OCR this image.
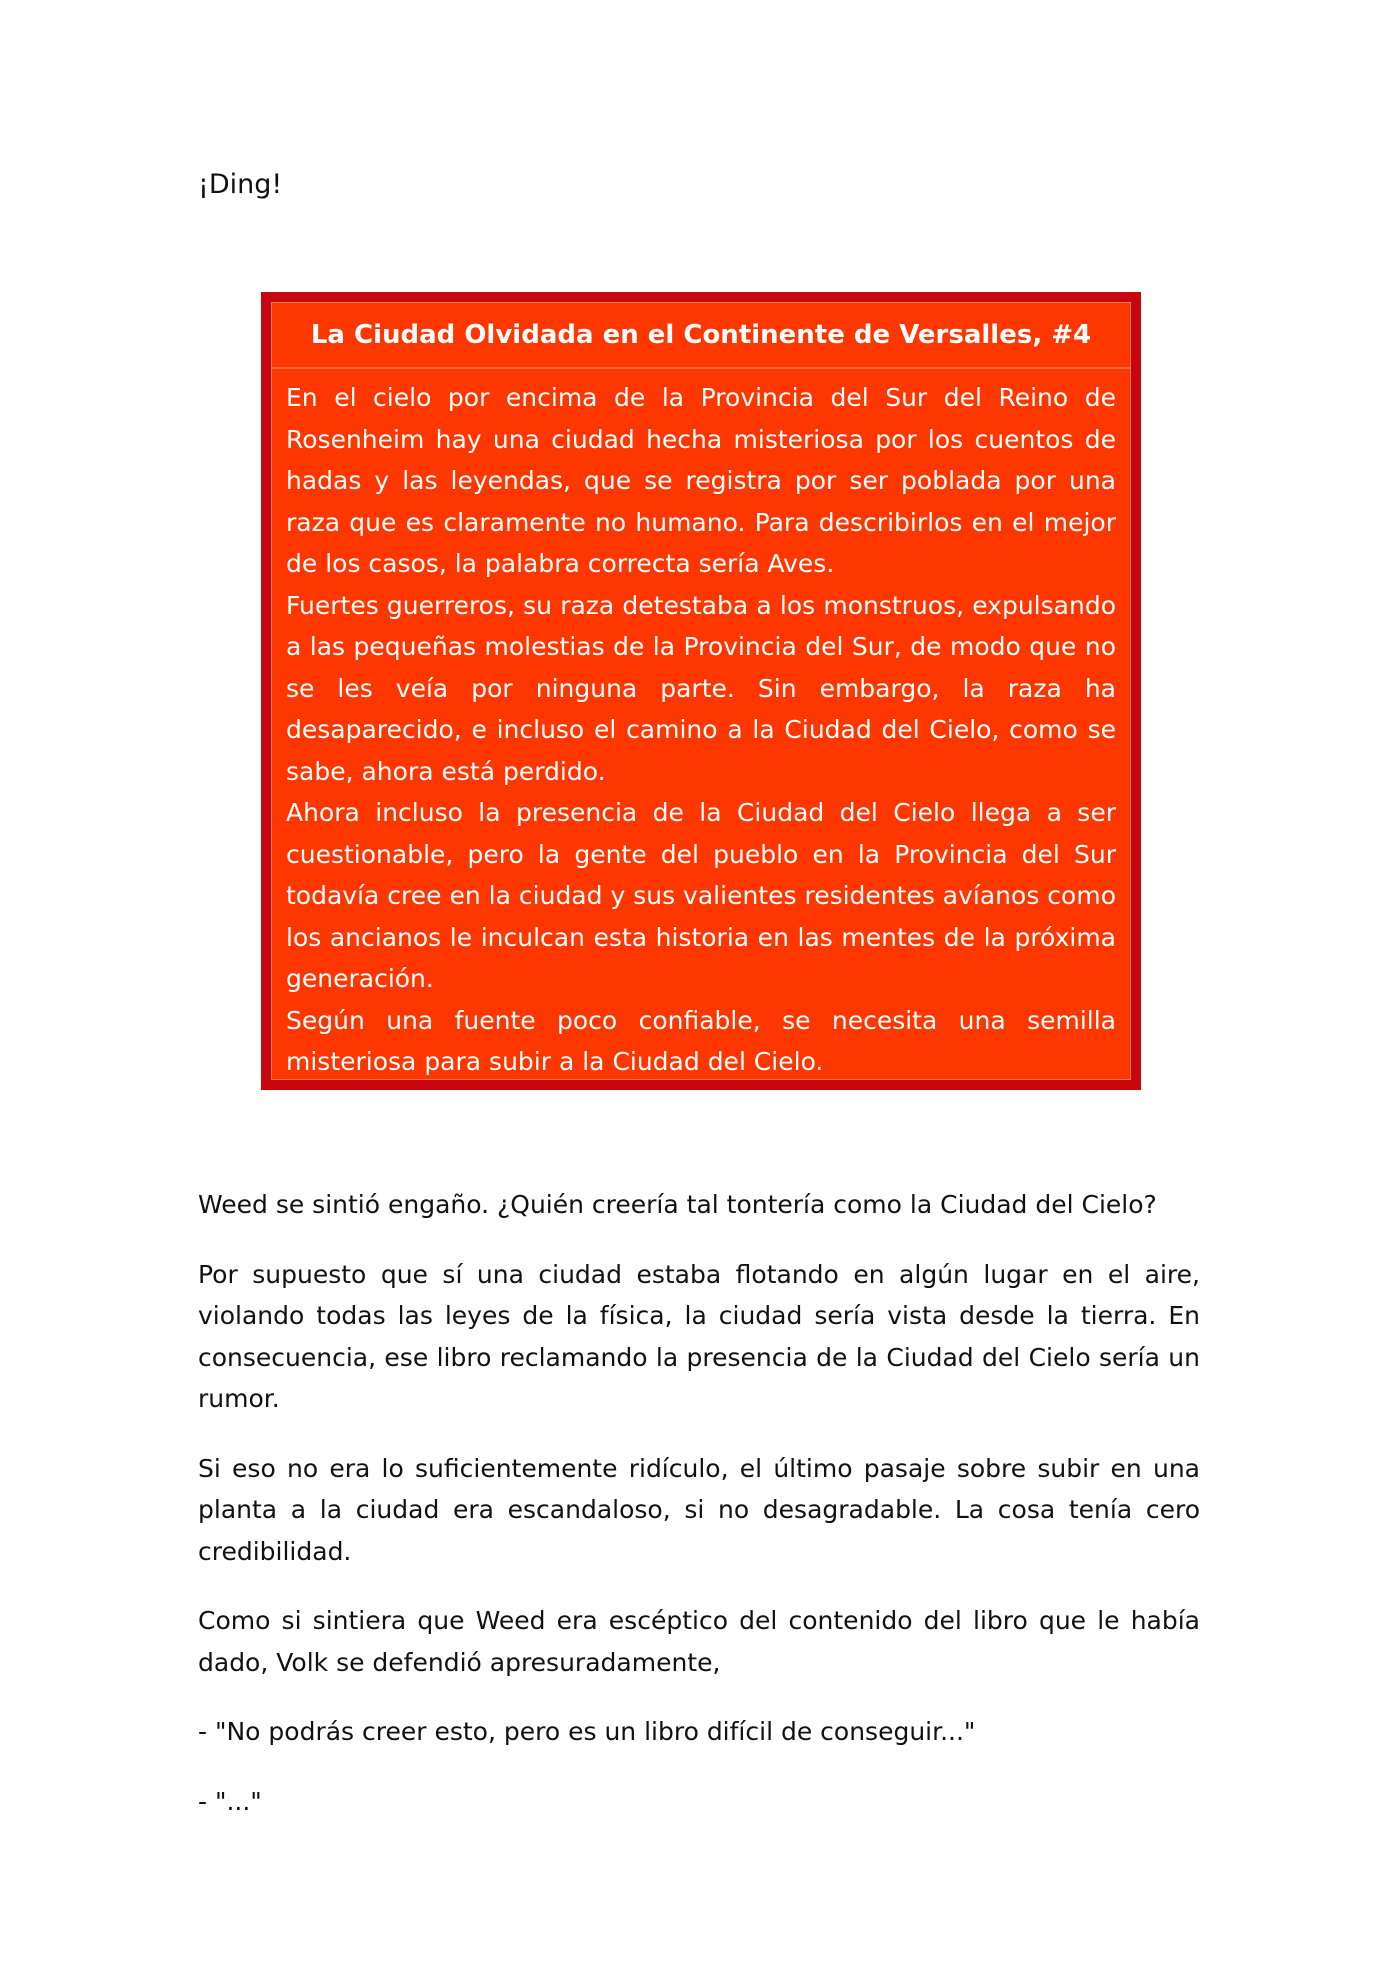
¡Ding!

La Ciudad Olvidada en el Continente de Versalles, #4

En el cielo por encima de la Provincia del Sur del Reino de Rosenheim hay una ciudad hecha misteriosa por los cuentos de hadas y las leyendas, que se registra por ser poblada por una raza que es claramente no humano. Para describirlos en el mejor de los casos, la palabra correcta sería Aves.

Fuertes guerreros, su raza detestaba a los monstruos, expulsando a las pequeñas molestias de la Provincia del Sur, de modo que no se les veía por ninguna parte. Sin embargo, la raza ha desaparecido, e incluso el camino a la Ciudad del Cielo, como se sabe, ahora está perdido.

Ahora incluso la presencia de la Ciudad del Cielo llega a ser cuestionable, pero la gente del pueblo en la Provincia del Sur todavía cree en la ciudad y sus valientes residentes avíanos como los ancianos le inculcan esta historia en las mentes de la próxima generación.

Según una fuente poco confiable, se necesita una semilla misteriosa para subir a la Ciudad del Cielo.

Weed se sintió engaño. ¿Quién creería tal tontería como la Ciudad del Cielo?

Por supuesto que sí una ciudad estaba flotando en algún lugar en el aire, violando todas las leyes de la física, la ciudad sería vista desde la tierra. En consecuencia, ese libro reclamando la presencia de la Ciudad del Cielo sería un rumor.

Si eso no era lo suficientemente ridículo, el último pasaje sobre subir en una planta a la ciudad era escandaloso, si no desagradable. La cosa tenía cero credibilidad.

Como si sintiera que Weed era escéptico del contenido del libro que le había dado, Volk se defendió apresuradamente,

- "No podrás creer esto, pero es un libro difícil de conseguir..."

- "..."
